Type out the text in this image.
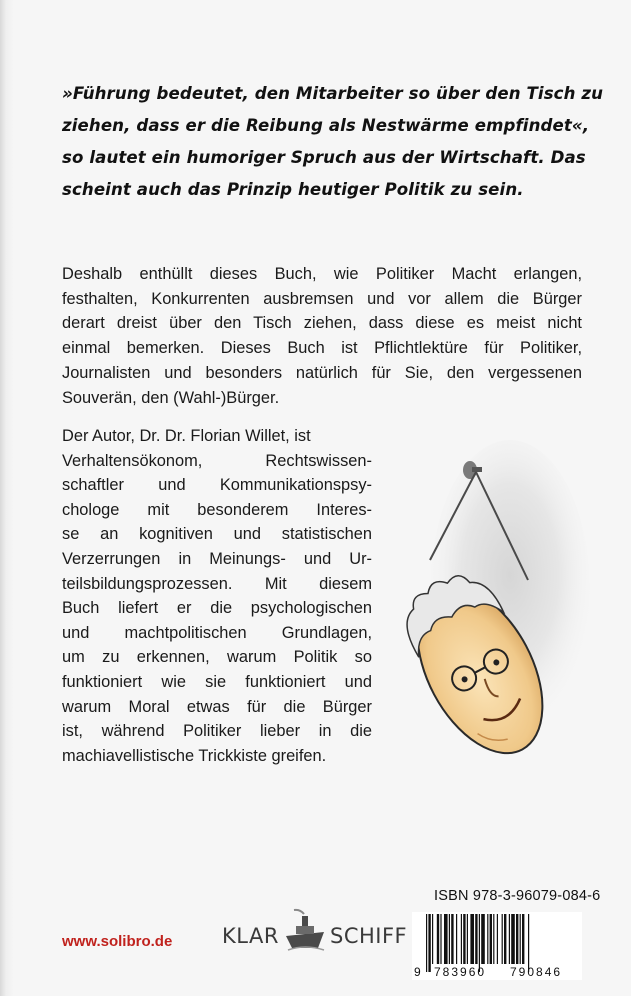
»Führung bedeutet, den Mitarbeiter so über den Tisch zu
ziehen, dass er die Reibung als Nestwärme empfindet«,
so lautet ein humoriger Spruch aus der Wirtschaft. Das
scheint auch das Prinzip heutiger Politik zu sein.
Deshalb enthüllt dieses Buch, wie Politiker Macht erlangen,
festhalten, Konkurrenten ausbremsen und vor allem die Bürger
derart dreist über den Tisch ziehen, dass diese es meist nicht
einmal bemerken. Dieses Buch ist Pflichtlektüre für Politiker,
Journalisten und besonders natürlich für Sie, den vergessenen
Souverän, den (Wahl-)Bürger.
Der Autor, Dr. Dr. Florian Willet, ist
Verhaltensökonom, Rechtswissen-
schaftler und Kommunikationspsy-
chologe mit besonderem Interes-
se an kognitiven und statistischen
Verzerrungen in Meinungs- und Ur-
teilsbildungsprozessen. Mit diesem
Buch liefert er die psychologischen
und machtpolitischen Grundlagen,
um zu erkennen, warum Politik so
funktioniert wie sie funktioniert und
warum Moral etwas für die Bürger
ist, während Politiker lieber in die
machiavellistische Trickkiste greifen.
www.solibro.de KLAR SCHIFF
ISBN 978-3-96079-084-6
9 783960 790846
